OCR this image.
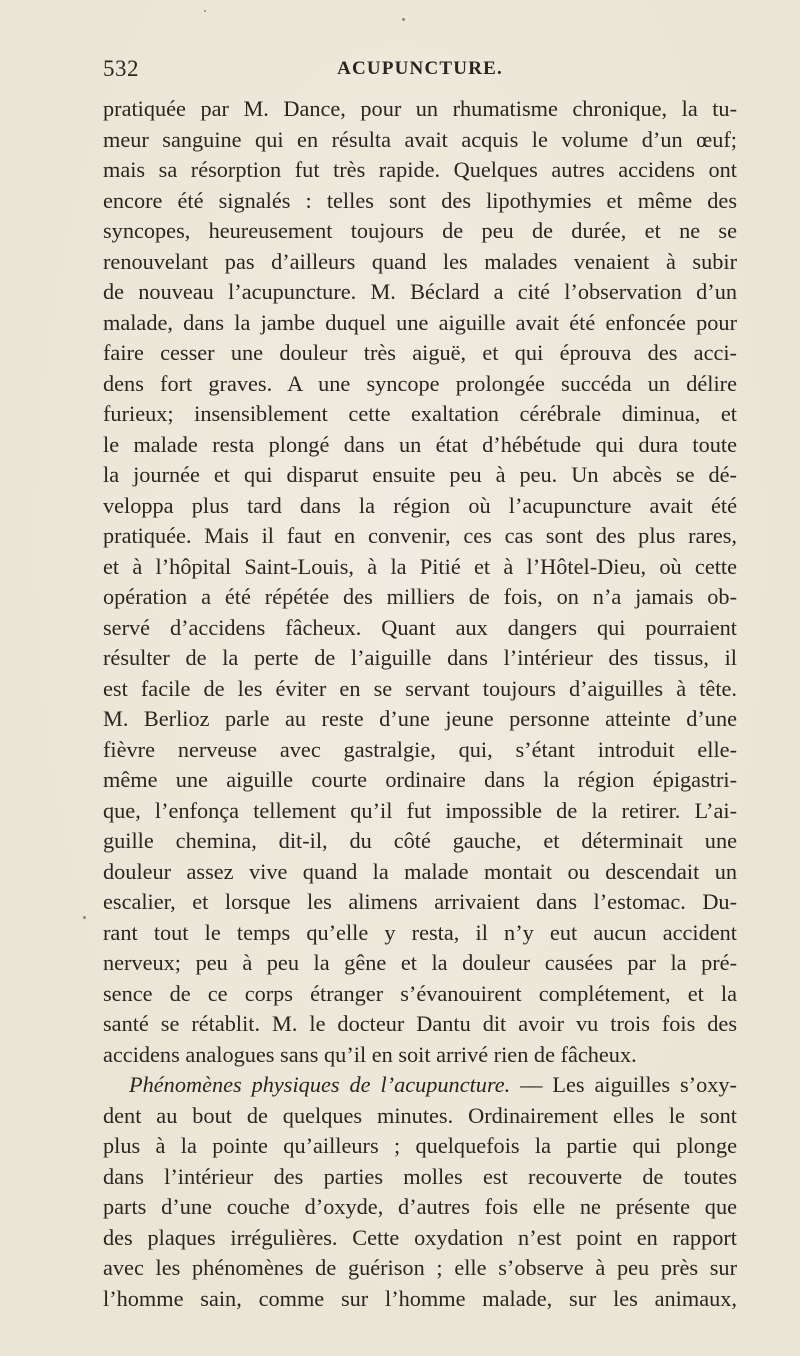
532	ACUPUNCTURE.
pratiquée par M. Dance, pour un rhumatisme chronique, la tu-
meur sanguine qui en résulta avait acquis le volume d’un œuf;
mais sa résorption fut très rapide. Quelques autres accidens ont
encore été signalés : telles sont des lipothymies et même des
syncopes, heureusement toujours de peu de durée, et ne se
renouvelant pas d’ailleurs quand les malades venaient à subir
de nouveau l’acupuncture. M. Béclard a cité l’observation d’un
malade, dans la jambe duquel une aiguille avait été enfoncée pour
faire cesser une douleur très aiguë, et qui éprouva des acci-
dens fort graves. A une syncope prolongée succéda un délire
furieux; insensiblement cette exaltation cérébrale diminua, et
le malade resta plongé dans un état d’hébétude qui dura toute
la journée et qui disparut ensuite peu à peu. Un abcès se dé-
veloppa plus tard dans la région où l’acupuncture avait été
pratiquée. Mais il faut en convenir, ces cas sont des plus rares,
et à l’hôpital Saint-Louis, à la Pitié et à l’Hôtel-Dieu, où cette
opération a été répétée des milliers de fois, on n’a jamais ob-
servé d’accidens fâcheux. Quant aux dangers qui pourraient
résulter de la perte de l’aiguille dans l’intérieur des tissus, il
est facile de les éviter en se servant toujours d’aiguilles à tête.
M. Berlioz parle au reste d’une jeune personne atteinte d’une
fièvre nerveuse avec gastralgie, qui, s’étant introduit elle-
même une aiguille courte ordinaire dans la région épigastri-
que, l’enfonça tellement qu’il fut impossible de la retirer. L’ai-
guille chemina, dit-il, du côté gauche, et déterminait une
douleur assez vive quand la malade montait ou descendait un
escalier, et lorsque les alimens arrivaient dans l’estomac. Du-
rant tout le temps qu’elle y resta, il n’y eut aucun accident
nerveux; peu à peu la gêne et la douleur causées par la pré-
sence de ce corps étranger s’évanouirent complétement, et la
santé se rétablit. M. le docteur Dantu dit avoir vu trois fois des
accidens analogues sans qu’il en soit arrivé rien de fâcheux.
Phénomènes physiques de l’acupuncture. — Les aiguilles s’oxy-
dent au bout de quelques minutes. Ordinairement elles le sont
plus à la pointe qu’ailleurs ; quelquefois la partie qui plonge
dans l’intérieur des parties molles est recouverte de toutes
parts d’une couche d’oxyde, d’autres fois elle ne présente que
des plaques irrégulières. Cette oxydation n’est point en rapport
avec les phénomènes de guérison ; elle s’observe à peu près sur
l’homme sain, comme sur l’homme malade, sur les animaux,
